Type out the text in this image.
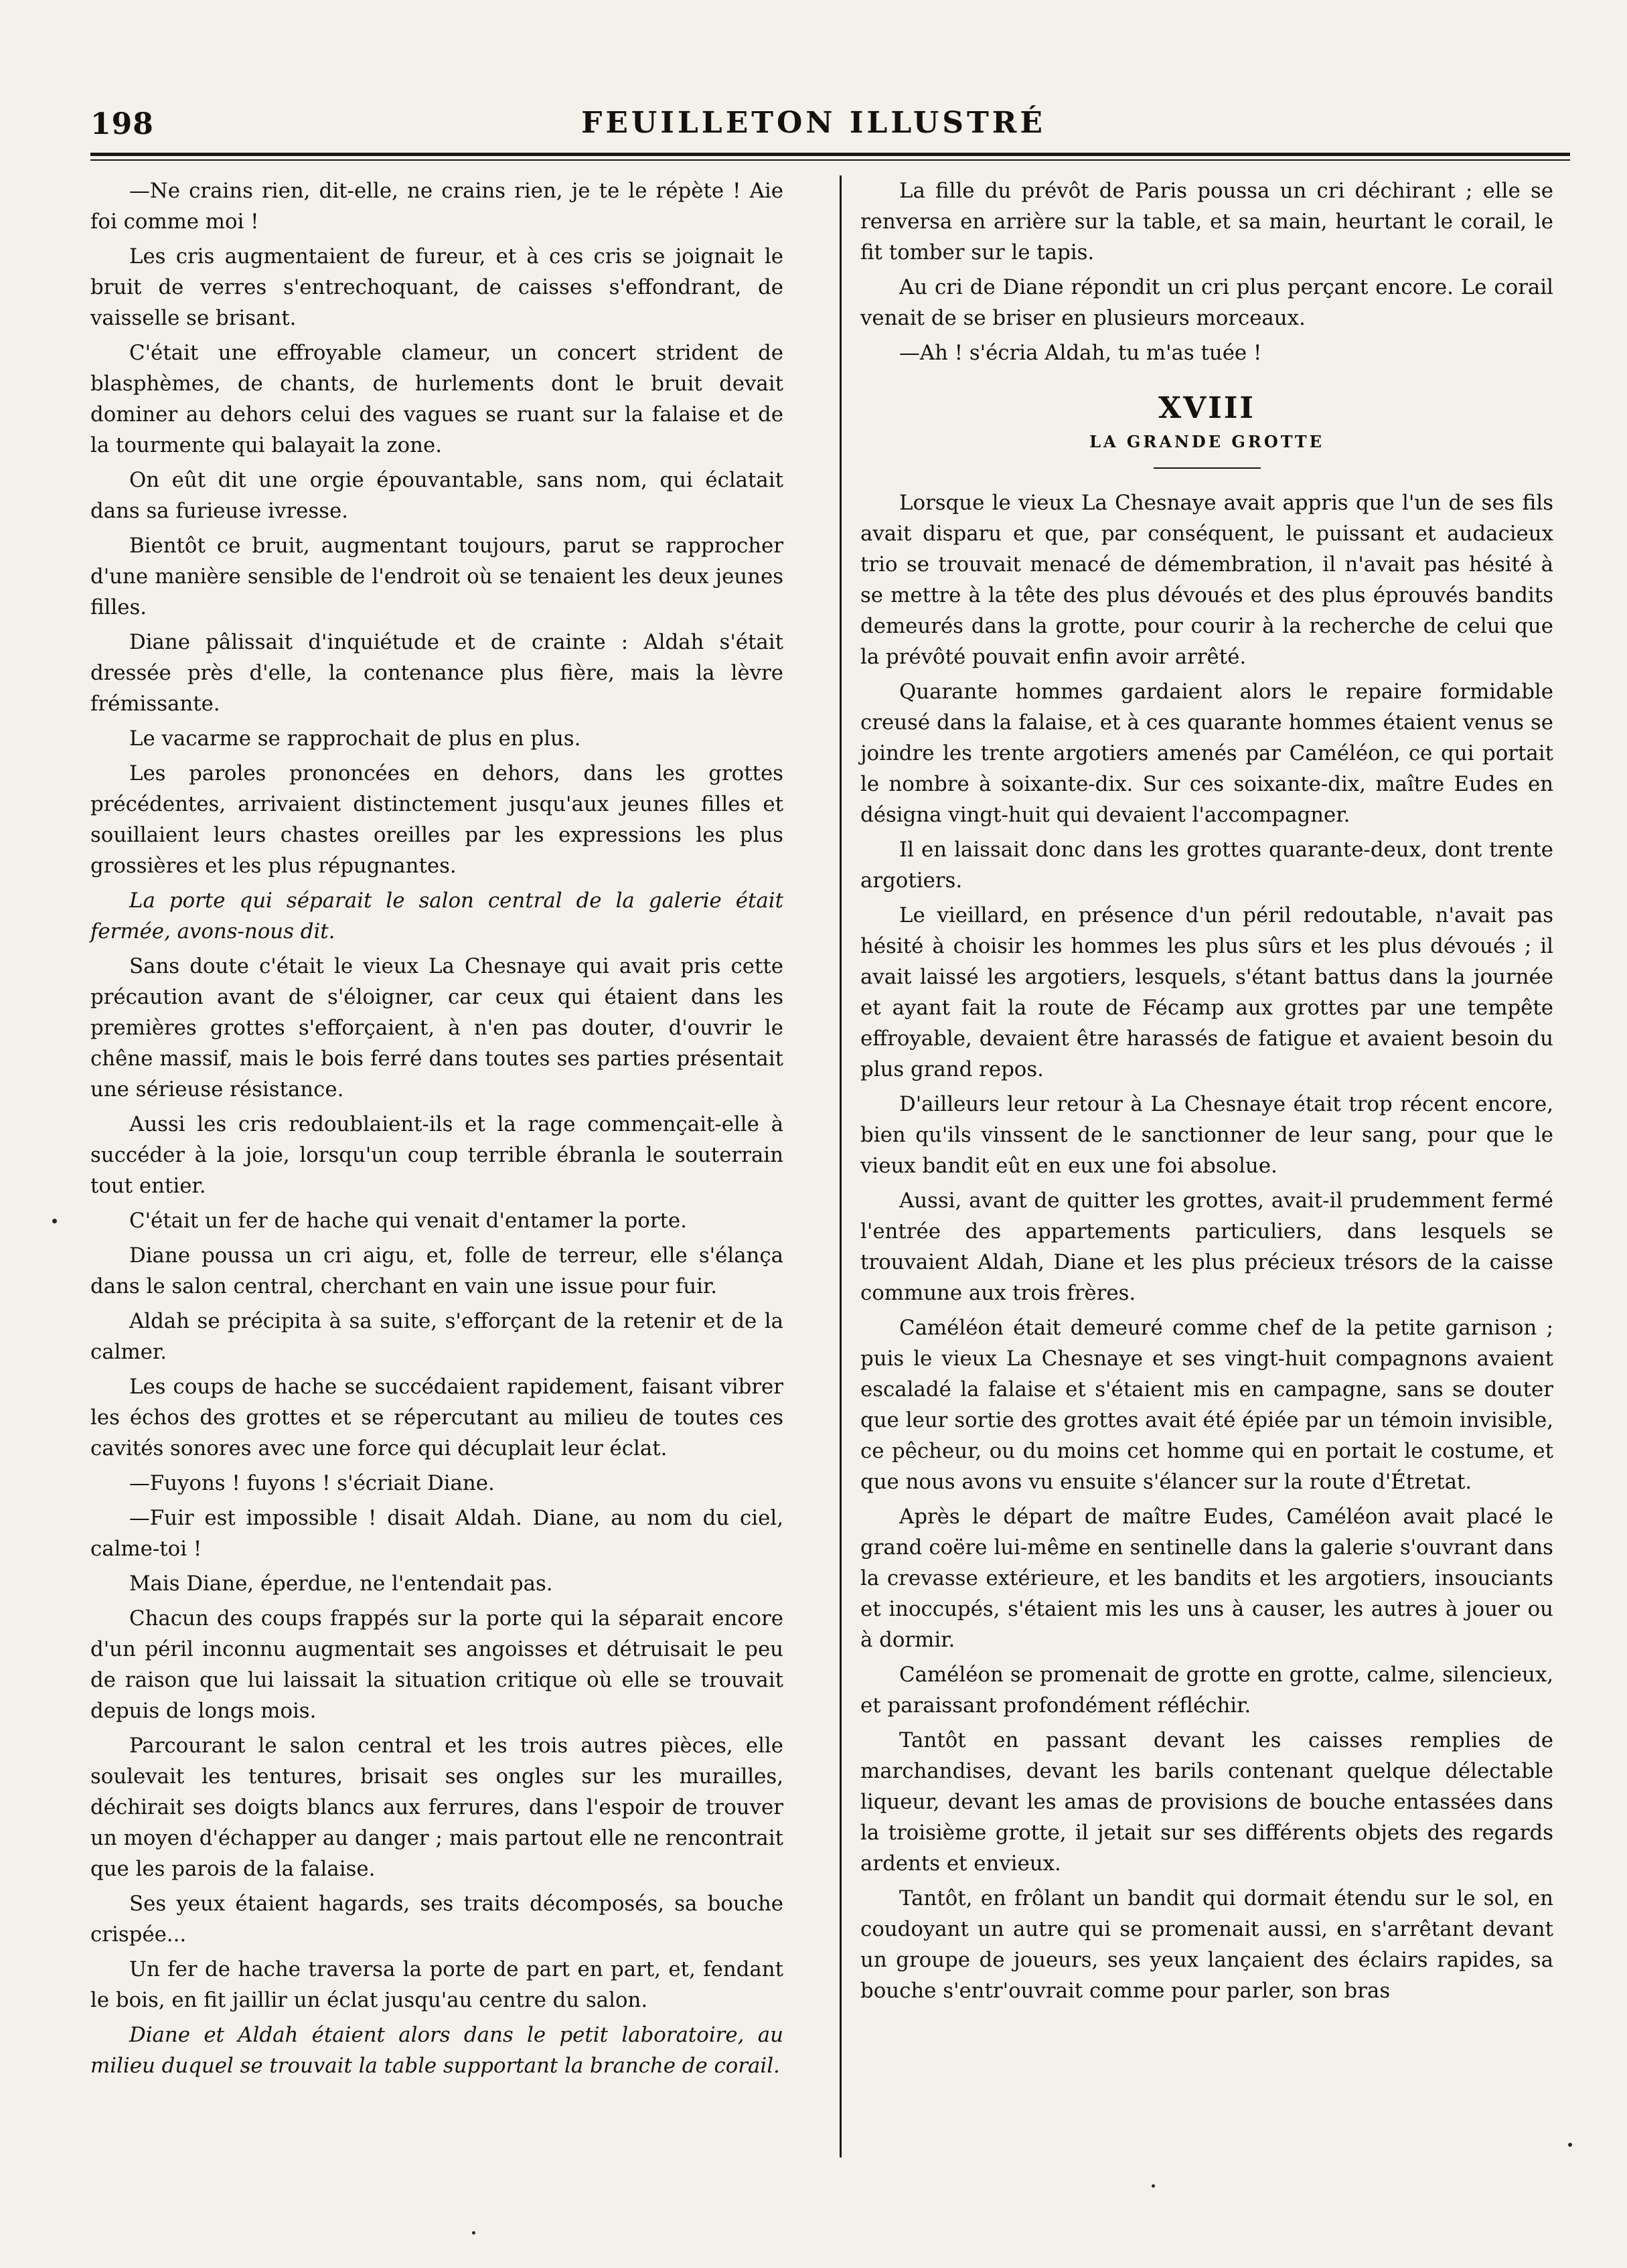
198	FEUILLETON ILLUSTRÉ

—Ne crains rien, dit-elle, ne crains rien, je te le répète ! Aie foi comme moi !

Les cris augmentaient de fureur, et à ces cris se joignait le bruit de verres s'entrechoquant, de caisses s'effondrant, de vaisselle se brisant.

C'était une effroyable clameur, un concert strident de blasphèmes, de chants, de hurlements dont le bruit devait dominer au dehors celui des vagues se ruant sur la falaise et de la tourmente qui balayait la zone.

On eût dit une orgie épouvantable, sans nom, qui éclatait dans sa furieuse ivresse.

Bientôt ce bruit, augmentant toujours, parut se rapprocher d'une manière sensible de l'endroit où se tenaient les deux jeunes filles.

Diane pâlissait d'inquiétude et de crainte : Aldah s'était dressée près d'elle, la contenance plus fière, mais la lèvre frémissante.

Le vacarme se rapprochait de plus en plus.

Les paroles prononcées en dehors, dans les grottes précédentes, arrivaient distinctement jusqu'aux jeunes filles et souillaient leurs chastes oreilles par les expressions les plus grossières et les plus répugnantes.

La porte qui séparait le salon central de la galerie était fermée, avons-nous dit.

Sans doute c'était le vieux La Chesnaye qui avait pris cette précaution avant de s'éloigner, car ceux qui étaient dans les premières grottes s'efforçaient, à n'en pas douter, d'ouvrir le chêne massif, mais le bois ferré dans toutes ses parties présentait une sérieuse résistance.

Aussi les cris redoublaient-ils et la rage commençait-elle à succéder à la joie, lorsqu'un coup terrible ébranla le souterrain tout entier.

C'était un fer de hache qui venait d'entamer la porte.

Diane poussa un cri aigu, et, folle de terreur, elle s'élança dans le salon central, cherchant en vain une issue pour fuir.

Aldah se précipita à sa suite, s'efforçant de la retenir et de la calmer.

Les coups de hache se succédaient rapidement, faisant vibrer les échos des grottes et se répercutant au milieu de toutes ces cavités sonores avec une force qui décuplait leur éclat.

—Fuyons ! fuyons ! s'écriait Diane.

—Fuir est impossible ! disait Aldah. Diane, au nom du ciel, calme-toi !

Mais Diane, éperdue, ne l'entendait pas.

Chacun des coups frappés sur la porte qui la séparait encore d'un péril inconnu augmentait ses angoisses et détruisait le peu de raison que lui laissait la situation critique où elle se trouvait depuis de longs mois.

Parcourant le salon central et les trois autres pièces, elle soulevait les tentures, brisait ses ongles sur les murailles, déchirait ses doigts blancs aux ferrures, dans l'espoir de trouver un moyen d'échapper au danger ; mais partout elle ne rencontrait que les parois de la falaise.

Ses yeux étaient hagards, ses traits décomposés, sa bouche crispée...

Un fer de hache traversa la porte de part en part, et, fendant le bois, en fit jaillir un éclat jusqu'au centre du salon.

Diane et Aldah étaient alors dans le petit laboratoire, au milieu duquel se trouvait la table supportant la branche de corail.

La fille du prévôt de Paris poussa un cri déchirant ; elle se renversa en arrière sur la table, et sa main, heurtant le corail, le fit tomber sur le tapis.

Au cri de Diane répondit un cri plus perçant encore. Le corail venait de se briser en plusieurs morceaux.

—Ah ! s'écria Aldah, tu m'as tuée !

XVIII
LA GRANDE GROTTE

Lorsque le vieux La Chesnaye avait appris que l'un de ses fils avait disparu et que, par conséquent, le puissant et audacieux trio se trouvait menacé de démembration, il n'avait pas hésité à se mettre à la tête des plus dévoués et des plus éprouvés bandits demeurés dans la grotte, pour courir à la recherche de celui que la prévôté pouvait enfin avoir arrêté.

Quarante hommes gardaient alors le repaire formidable creusé dans la falaise, et à ces quarante hommes étaient venus se joindre les trente argotiers amenés par Caméléon, ce qui portait le nombre à soixante-dix. Sur ces soixante-dix, maître Eudes en désigna vingt-huit qui devaient l'accompagner.

Il en laissait donc dans les grottes quarante-deux, dont trente argotiers.

Le vieillard, en présence d'un péril redoutable, n'avait pas hésité à choisir les hommes les plus sûrs et les plus dévoués ; il avait laissé les argotiers, lesquels, s'étant battus dans la journée et ayant fait la route de Fécamp aux grottes par une tempête effroyable, devaient être harassés de fatigue et avaient besoin du plus grand repos.

D'ailleurs leur retour à La Chesnaye était trop récent encore, bien qu'ils vinssent de le sanctionner de leur sang, pour que le vieux bandit eût en eux une foi absolue.

Aussi, avant de quitter les grottes, avait-il prudemment fermé l'entrée des appartements particuliers, dans lesquels se trouvaient Aldah, Diane et les plus précieux trésors de la caisse commune aux trois frères.

Caméléon était demeuré comme chef de la petite garnison ; puis le vieux La Chesnaye et ses vingt-huit compagnons avaient escaladé la falaise et s'étaient mis en campagne, sans se douter que leur sortie des grottes avait été épiée par un témoin invisible, ce pêcheur, ou du moins cet homme qui en portait le costume, et que nous avons vu ensuite s'élancer sur la route d'Étretat.

Après le départ de maître Eudes, Caméléon avait placé le grand coëre lui-même en sentinelle dans la galerie s'ouvrant dans la crevasse extérieure, et les bandits et les argotiers, insouciants et inoccupés, s'étaient mis les uns à causer, les autres à jouer ou à dormir.

Caméléon se promenait de grotte en grotte, calme, silencieux, et paraissant profondément réfléchir.

Tantôt en passant devant les caisses remplies de marchandises, devant les barils contenant quelque délectable liqueur, devant les amas de provisions de bouche entassées dans la troisième grotte, il jetait sur ses différents objets des regards ardents et envieux.

Tantôt, en frôlant un bandit qui dormait étendu sur le sol, en coudoyant un autre qui se promenait aussi, en s'arrêtant devant un groupe de joueurs, ses yeux lançaient des éclairs rapides, sa bouche s'entr'ouvrait comme pour parler, son bras
